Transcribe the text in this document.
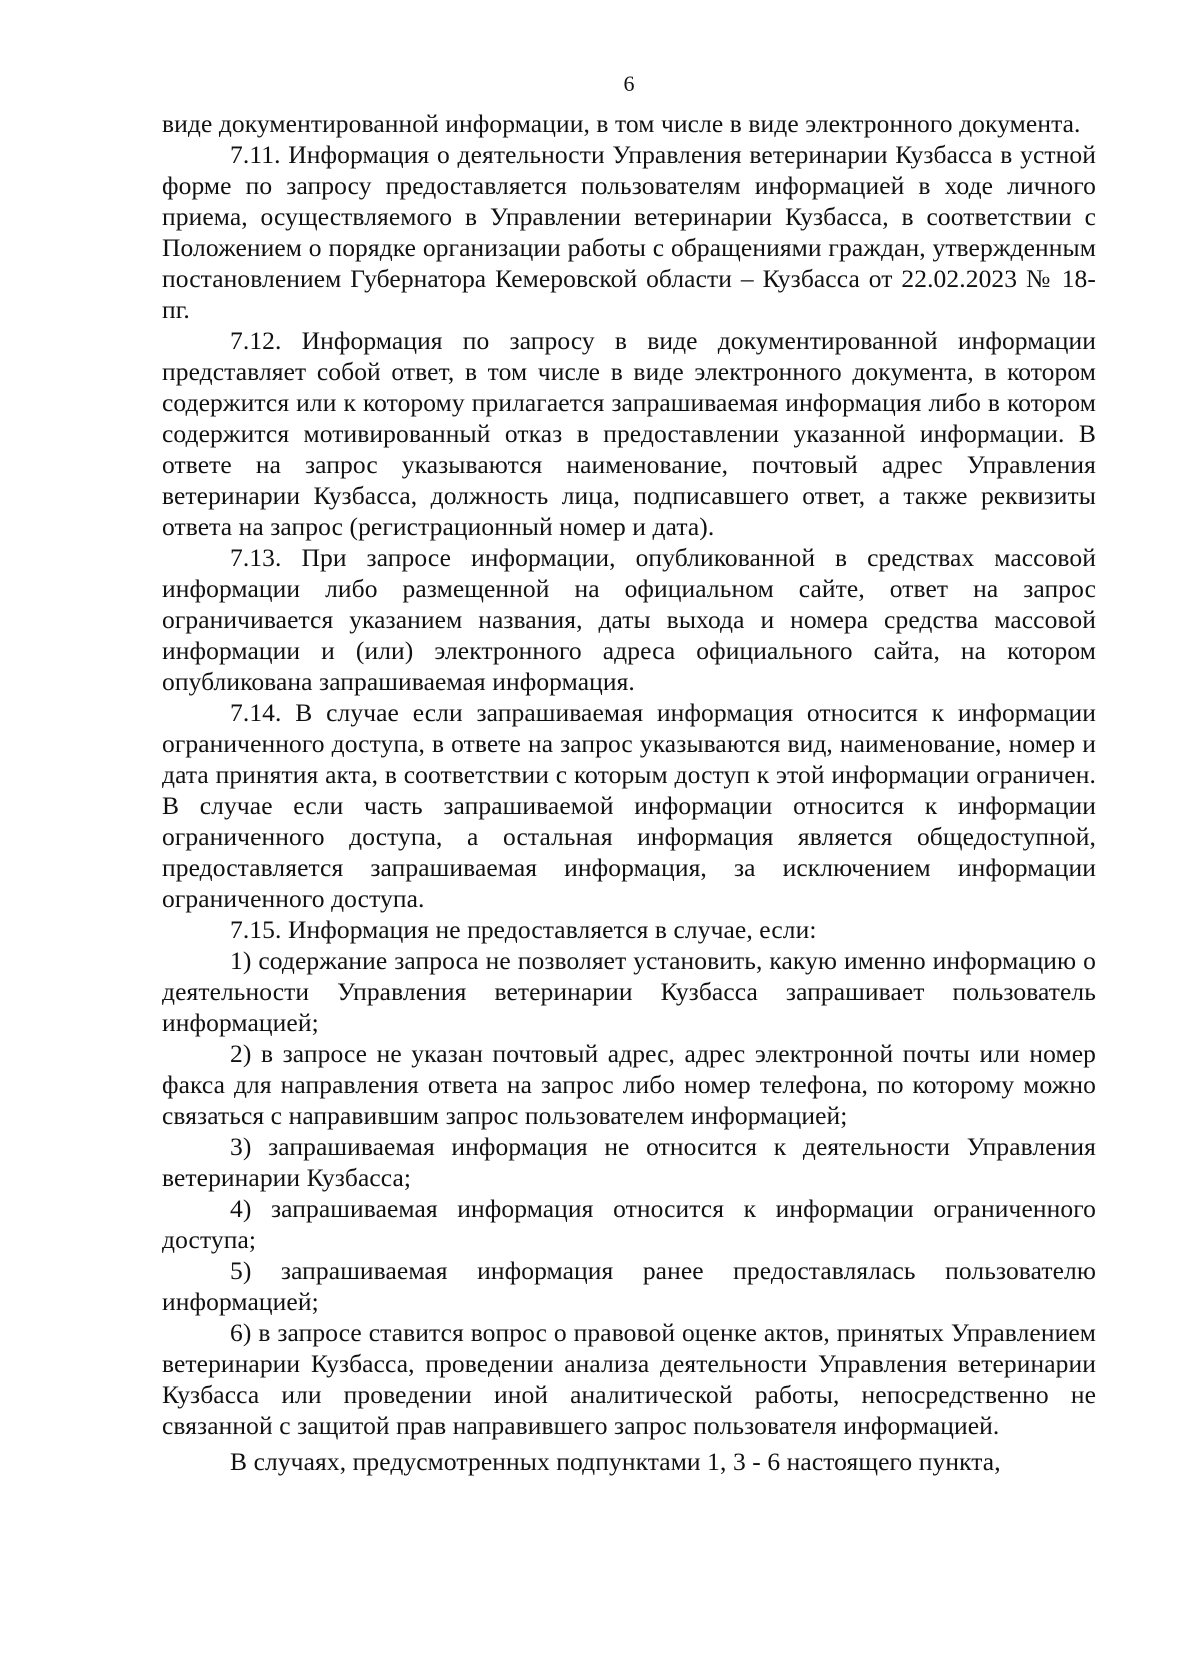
6

виде документированной информации, в том числе в виде электронного документа.

7.11. Информация о деятельности Управления ветеринарии Кузбасса в устной форме по запросу предоставляется пользователям информацией в ходе личного приема, осуществляемого в Управлении ветеринарии Кузбасса, в соответствии с Положением о порядке организации работы с обращениями граждан, утвержденным постановлением Губернатора Кемеровской области – Кузбасса от 22.02.2023 № 18-пг.

7.12. Информация по запросу в виде документированной информации представляет собой ответ, в том числе в виде электронного документа, в котором содержится или к которому прилагается запрашиваемая информация либо в котором содержится мотивированный отказ в предоставлении указанной информации. В ответе на запрос указываются наименование, почтовый адрес Управления ветеринарии Кузбасса, должность лица, подписавшего ответ, а также реквизиты ответа на запрос (регистрационный номер и дата).

7.13. При запросе информации, опубликованной в средствах массовой информации либо размещенной на официальном сайте, ответ на запрос ограничивается указанием названия, даты выхода и номера средства массовой информации и (или) электронного адреса официального сайта, на котором опубликована запрашиваемая информация.

7.14. В случае если запрашиваемая информация относится к информации ограниченного доступа, в ответе на запрос указываются вид, наименование, номер и дата принятия акта, в соответствии с которым доступ к этой информации ограничен. В случае если часть запрашиваемой информации относится к информации ограниченного доступа, а остальная информация является общедоступной, предоставляется запрашиваемая информация, за исключением информации ограниченного доступа.

7.15. Информация не предоставляется в случае, если:

1) содержание запроса не позволяет установить, какую именно информацию о деятельности Управления ветеринарии Кузбасса запрашивает пользователь информацией;

2) в запросе не указан почтовый адрес, адрес электронной почты или номер факса для направления ответа на запрос либо номер телефона, по которому можно связаться с направившим запрос пользователем информацией;

3) запрашиваемая информация не относится к деятельности Управления ветеринарии Кузбасса;

4) запрашиваемая информация относится к информации ограниченного доступа;

5) запрашиваемая информация ранее предоставлялась пользователю информацией;

6) в запросе ставится вопрос о правовой оценке актов, принятых Управлением ветеринарии Кузбасса, проведении анализа деятельности Управления ветеринарии Кузбасса или проведении иной аналитической работы, непосредственно не связанной с защитой прав направившего запрос пользователя информацией.

В случаях, предусмотренных подпунктами 1, 3 - 6 настоящего пункта,
